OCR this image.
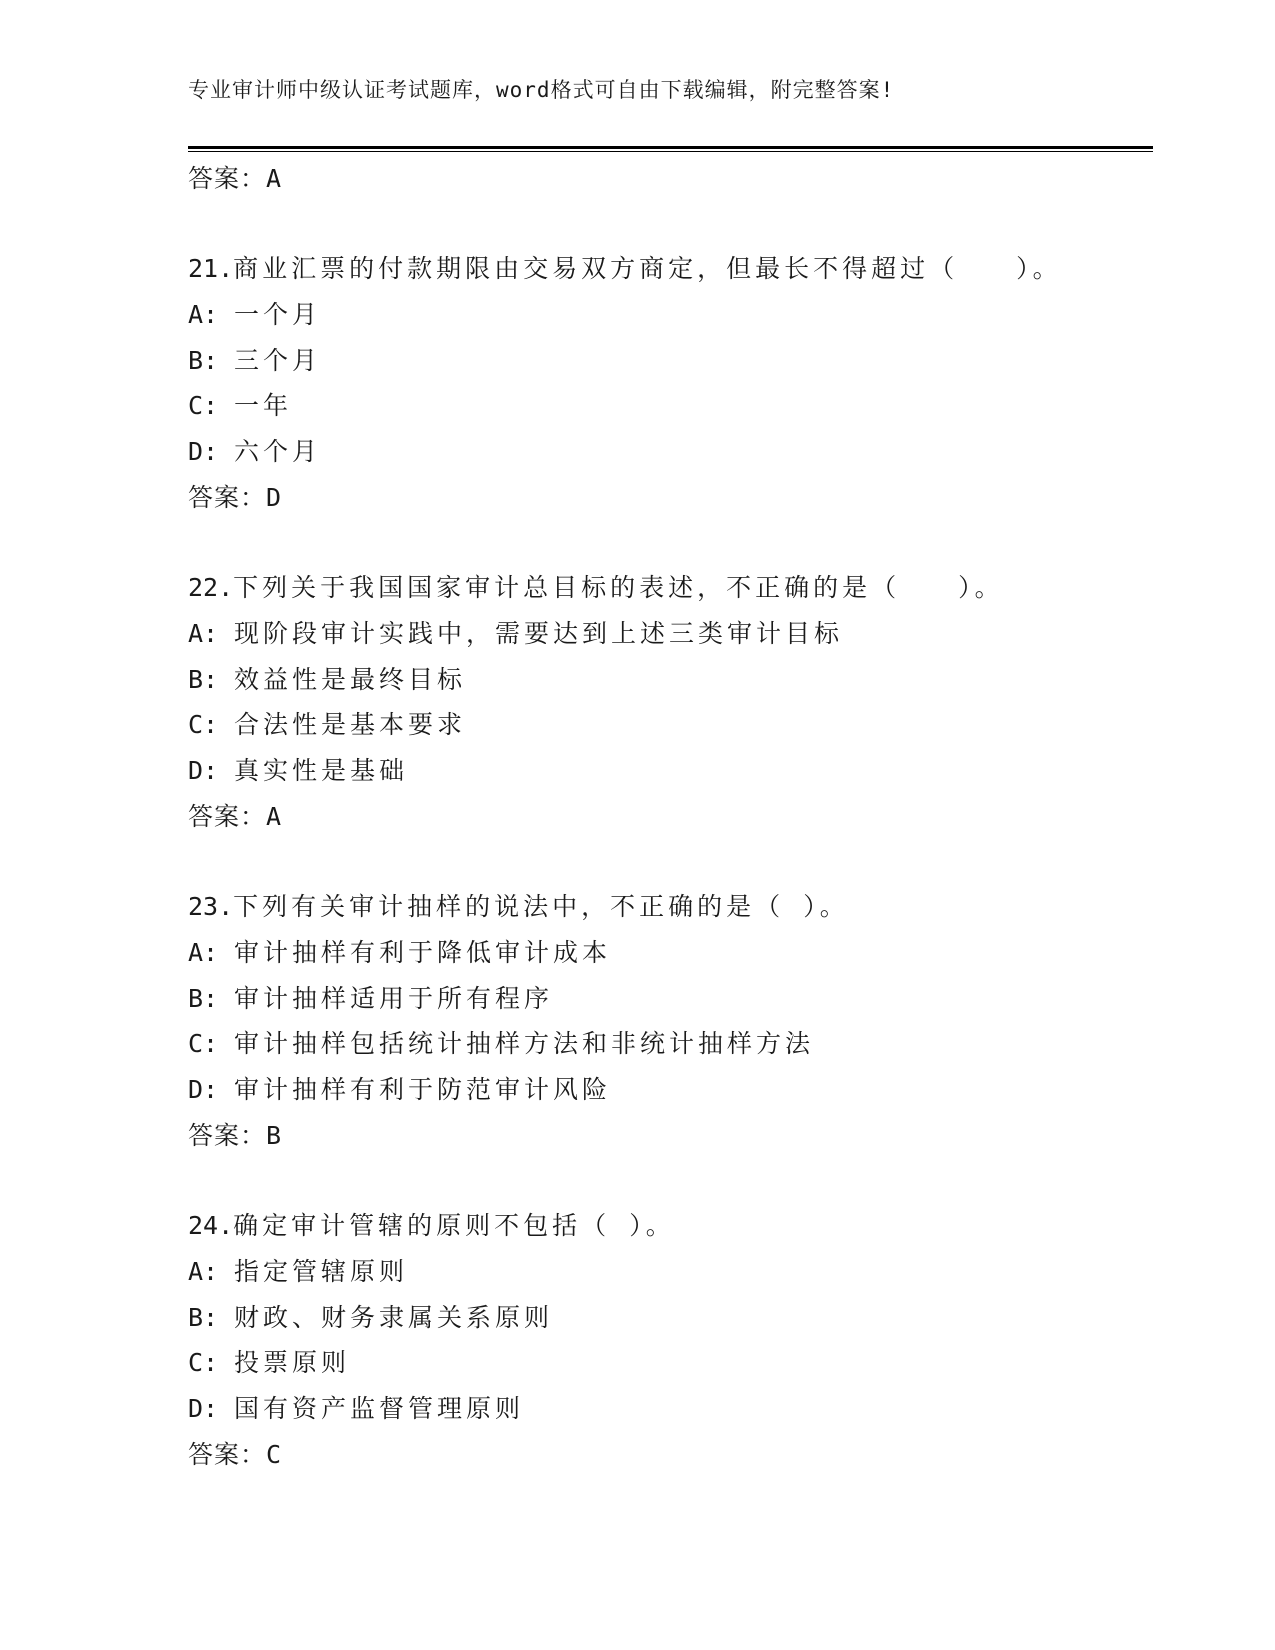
专业审计师中级认证考试题库，word格式可自由下载编辑，附完整答案!
答案：A
21.商业汇票的付款期限由交易双方商定，但最长不得超过（　　）。
A: 一个月
B: 三个月
C: 一年
D: 六个月
答案：D
22.下列关于我国国家审计总目标的表述，不正确的是（　　）。
A: 现阶段审计实践中，需要达到上述三类审计目标
B: 效益性是最终目标
C: 合法性是基本要求
D: 真实性是基础
答案：A
23.下列有关审计抽样的说法中，不正确的是（ ）。
A: 审计抽样有利于降低审计成本
B: 审计抽样适用于所有程序
C: 审计抽样包括统计抽样方法和非统计抽样方法
D: 审计抽样有利于防范审计风险
答案：B
24.确定审计管辖的原则不包括（ ）。
A: 指定管辖原则
B: 财政、财务隶属关系原则
C: 投票原则
D: 国有资产监督管理原则
答案：C
